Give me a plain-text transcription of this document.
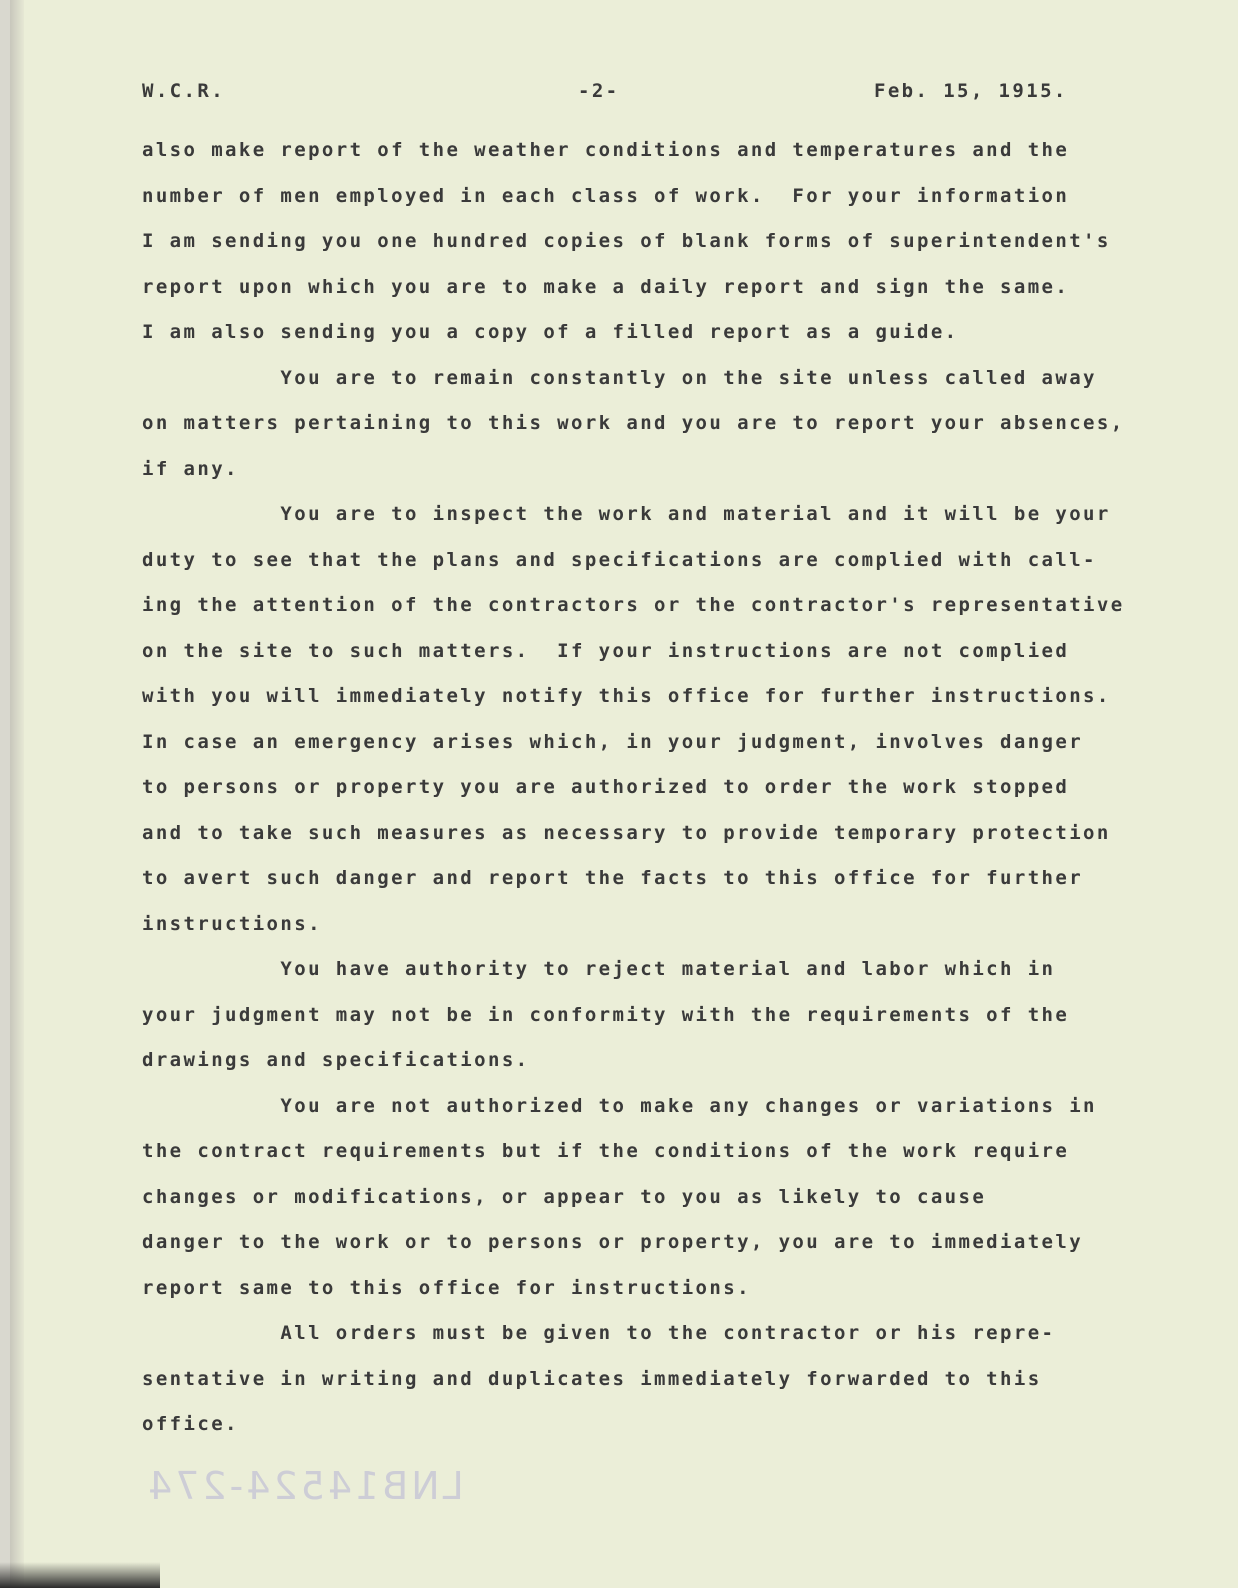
W.C.R.	-2-	Feb. 15, 1915.

also make report of the weather conditions and temperatures and the
number of men employed in each class of work.  For your information
I am sending you one hundred copies of blank forms of superintendent's
report upon which you are to make a daily report and sign the same.
I am also sending you a copy of a filled report as a guide.

You are to remain constantly on the site unless called away
on matters pertaining to this work and you are to report your absences,
if any.

You are to inspect the work and material and it will be your
duty to see that the plans and specifications are complied with call-
ing the attention of the contractors or the contractor's representative
on the site to such matters.  If your instructions are not complied
with you will immediately notify this office for further instructions.
In case an emergency arises which, in your judgment, involves danger
to persons or property you are authorized to order the work stopped
and to take such measures as necessary to provide temporary protection
to avert such danger and report the facts to this office for further
instructions.

You have authority to reject material and labor which in
your judgment may not be in conformity with the requirements of the
drawings and specifications.

You are not authorized to make any changes or variations in
the contract requirements but if the conditions of the work require
changes or modifications, or appear to you as likely to cause
danger to the work or to persons or property, you are to immediately
report same to this office for instructions.

All orders must be given to the contractor or his repre-
sentative in writing and duplicates immediately forwarded to this
office.

LNB14524-274
